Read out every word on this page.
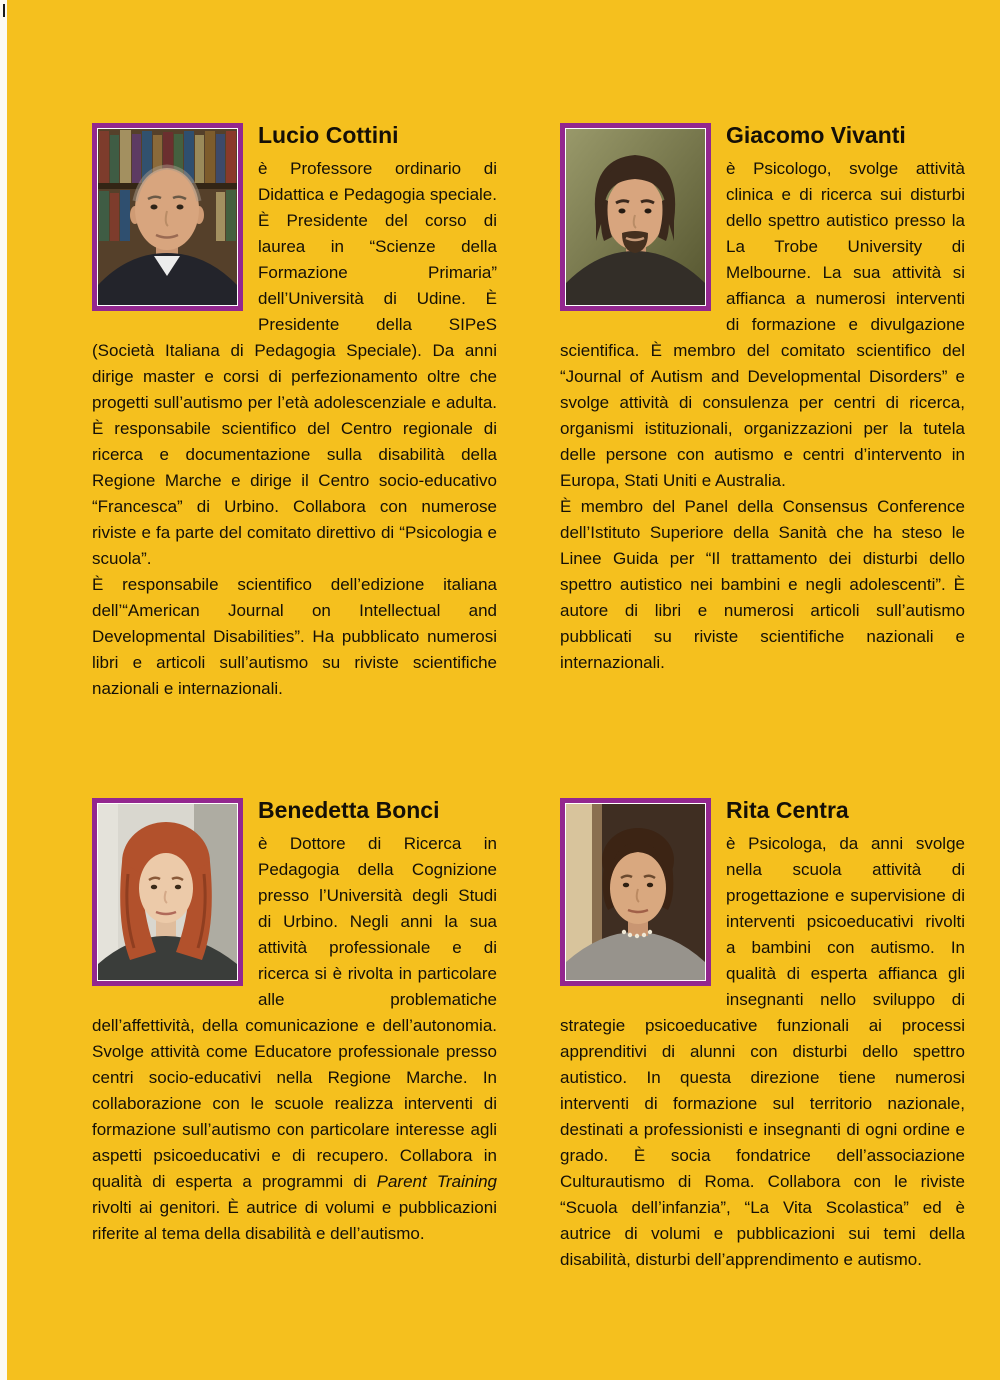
Lucio Cottini

è Professore ordinario di Didattica e Pedagogia speciale. È Presidente del corso di laurea in “Scienze della Formazione Primaria” dell’Università di Udine. È Presidente della SIPeS (Società Italiana di Pedagogia Speciale). Da anni dirige master e corsi di perfezionamento oltre che progetti sull’autismo per l’età adolescenziale e adulta. È responsabile scientifico del Centro regionale di ricerca e documentazione sulla disabilità della Regione Marche e dirige il Centro socio-educativo “Francesca” di Urbino. Collabora con numerose riviste e fa parte del comitato direttivo di “Psicologia e scuola”.
È responsabile scientifico dell’edizione italiana dell’“American Journal on Intellectual and Developmental Disabilities”. Ha pubblicato numerosi libri e articoli sull’autismo su riviste scientifiche nazionali e internazionali.

Giacomo Vivanti

è Psicologo, svolge attività clinica e di ricerca sui disturbi dello spettro autistico presso la La Trobe University di Melbourne. La sua attività si affianca a numerosi interventi di formazione e divulgazione scientifica. È membro del comitato scientifico del “Journal of Autism and Developmental Disorders” e svolge attività di consulenza per centri di ricerca, organismi istituzionali, organizzazioni per la tutela delle persone con autismo e centri d’intervento in Europa, Stati Uniti e Australia.
È membro del Panel della Consensus Conference dell’Istituto Superiore della Sanità che ha steso le Linee Guida per “Il trattamento dei disturbi dello spettro autistico nei bambini e negli adolescenti”. È autore di libri e numerosi articoli sull’autismo pubblicati su riviste scientifiche nazionali e internazionali.

Benedetta Bonci

è Dottore di Ricerca in Pedagogia della Cognizione presso l’Università degli Studi di Urbino. Negli anni la sua attività professionale e di ricerca si è rivolta in particolare alle problematiche dell’affettività, della comunicazione e dell’autonomia. Svolge attività come Educatore professionale presso centri socio-educativi nella Regione Marche. In collaborazione con le scuole realizza interventi di formazione sull’autismo con particolare interesse agli aspetti psicoeducativi e di recupero. Collabora in qualità di esperta a programmi di Parent Training rivolti ai genitori. È autrice di volumi e pubblicazioni riferite al tema della disabilità e dell’autismo.

Rita Centra

è Psicologa, da anni svolge nella scuola attività di progettazione e supervisione di interventi psicoeducativi rivolti a bambini con autismo. In qualità di esperta affianca gli insegnanti nello sviluppo di strategie psicoeducative funzionali ai processi apprenditivi di alunni con disturbi dello spettro autistico. In questa direzione tiene numerosi interventi di formazione sul territorio nazionale, destinati a professionisti e insegnanti di ogni ordine e grado. È socia fondatrice dell’associazione Culturautismo di Roma. Collabora con le riviste “Scuola dell’infanzia”, “La Vita Scolastica” ed è autrice di volumi e pubblicazioni sui temi della disabilità, disturbi dell’apprendimento e autismo.
